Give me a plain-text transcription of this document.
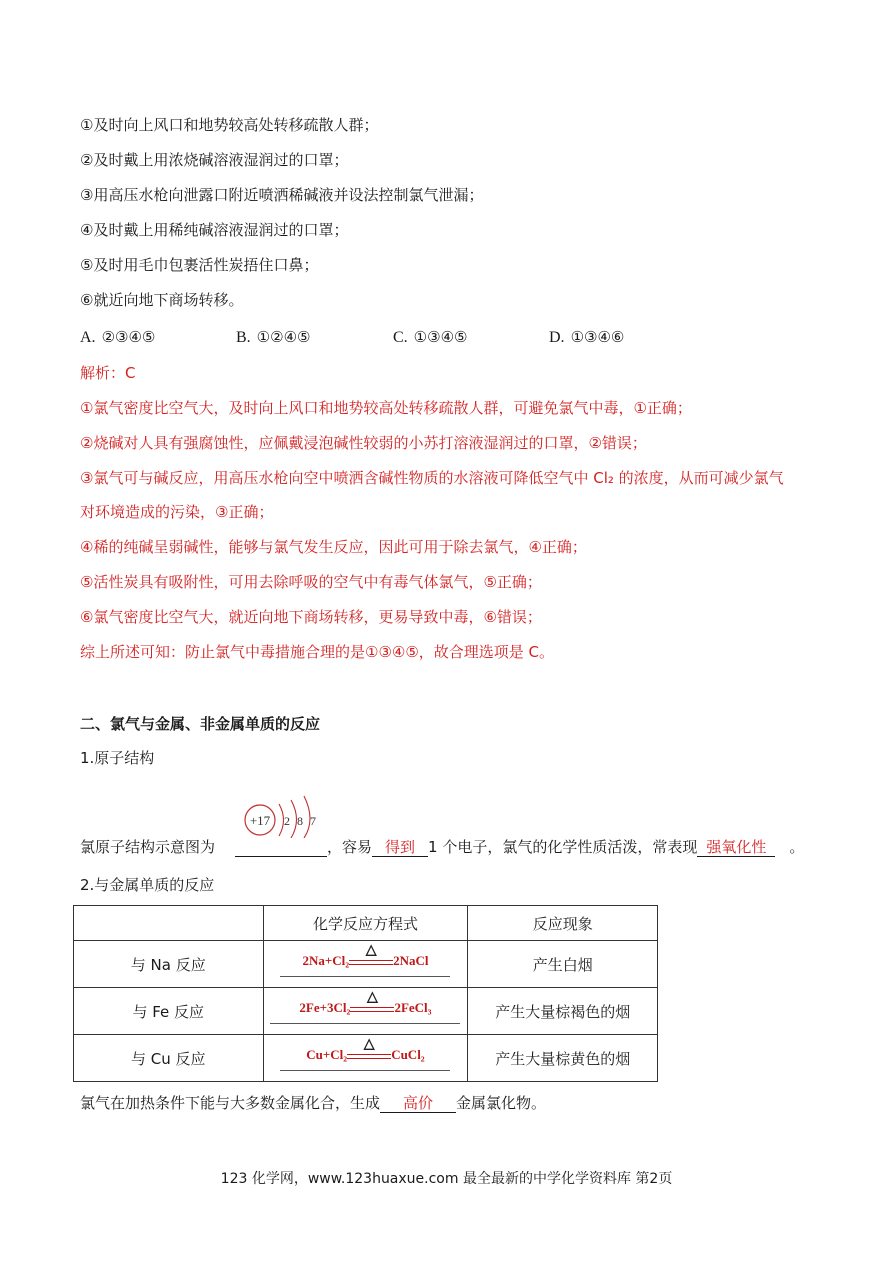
①及时向上风口和地势较高处转移疏散人群；
②及时戴上用浓烧碱溶液湿润过的口罩；
③用高压水枪向泄露口附近喷洒稀碱液并设法控制氯气泄漏；
④及时戴上用稀纯碱溶液湿润过的口罩；
⑤及时用毛巾包裹活性炭捂住口鼻；
⑥就近向地下商场转移。
A. ②③④⑤	B. ①②④⑤	C. ①③④⑤	D. ①③④⑥
解析：C
①氯气密度比空气大，及时向上风口和地势较高处转移疏散人群，可避免氯气中毒，①正确；
②烧碱对人具有强腐蚀性，应佩戴浸泡碱性较弱的小苏打溶液湿润过的口罩，②错误；
③氯气可与碱反应，用高压水枪向空中喷洒含碱性物质的水溶液可降低空气中 Cl₂ 的浓度，从而可减少氯气
对环境造成的污染，③正确；
④稀的纯碱呈弱碱性，能够与氯气发生反应，因此可用于除去氯气，④正确；
⑤活性炭具有吸附性，可用去除呼吸的空气中有毒气体氯气，⑤正确；
⑥氯气密度比空气大，就近向地下商场转移，更易导致中毒，⑥错误；
综上所述可知：防止氯气中毒措施合理的是①③④⑤，故合理选项是 C。
二、氯气与金属、非金属单质的反应
1.原子结构
+17 2 8 7
氯原子结构示意图为	，容易 得到 1 个电子，氯气的化学性质活泼，常表现 强氧化性 。
2.与金属单质的反应
	化学反应方程式	反应现象
与 Na 反应	2Na+Cl₂
△
2NaCl	产生白烟
与 Fe 反应	2Fe+3Cl₂
△
2FeCl₃	产生大量棕褐色的烟
与 Cu 反应	Cu+Cl₂
△
CuCl₂	产生大量棕黄色的烟
氯气在加热条件下能与大多数金属化合，生成 高价 金属氯化物。
123 化学网，www.123huaxue.com 最全最新的中学化学资料库 第2页
